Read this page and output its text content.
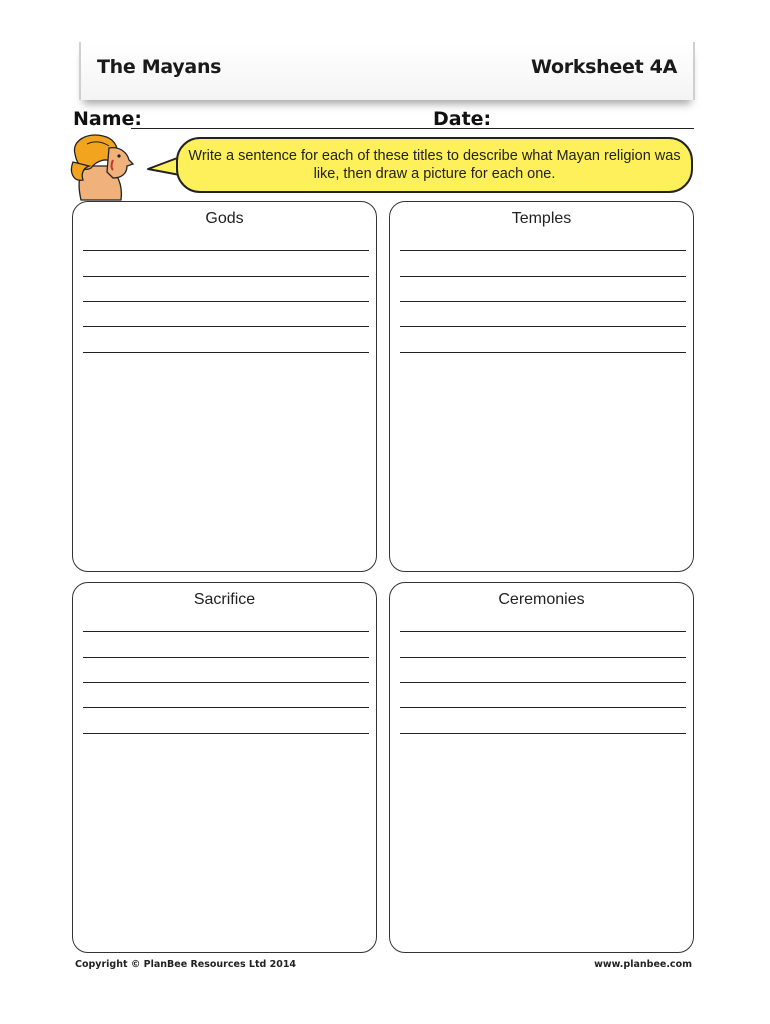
The Mayans	Worksheet 4A
Name:	Date:
Write a sentence for each of these titles to describe what Mayan religion was like, then draw a picture for each one.
Gods	Temples
Sacrifice	Ceremonies
Copyright © PlanBee Resources Ltd 2014	www.planbee.com
